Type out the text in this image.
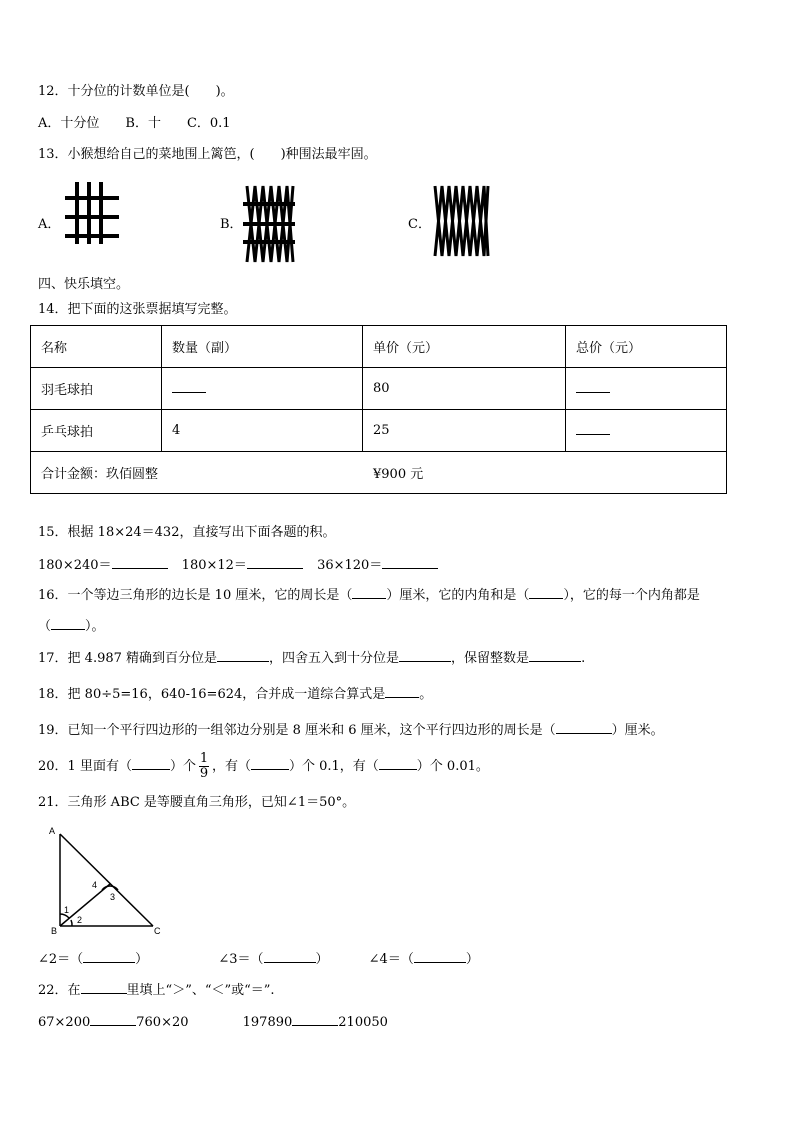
12．十分位的计数单位是(　　)。
A．十分位　　B．十　　C．0.1
13．小猴想给自己的菜地围上篱笆，(　　)种围法最牢固。
A．	B．	C．
四、快乐填空。
14．把下面的这张票据填写完整。
名称	数量（副）	单价（元）	总价（元）
羽毛球拍		80	
乒乓球拍	4	25	
合计金额：玖佰圆整 ¥900 元			
15．根据 18×24＝432，直接写出下面各题的积。
180×240＝	180×12＝	36×120＝
16．一个等边三角形的边长是 10 厘米，它的周长是（	）厘米，它的内角和是（	），它的每一个内角都是
（	）。
17．把 4.987 精确到百分位是	，四舍五入到十分位是	，保留整数是	.
18．把 80÷5=16，640-16=624，合并成一道综合算式是	。
19．已知一个平行四边形的一组邻边分别是 8 厘米和 6 厘米，这个平行四边形的周长是（	）厘米。
20．1 里面有（	）个 $\frac{1}{9}$ ，有（	）个 0.1，有（	）个 0.01。
21．三角形 ABC 是等腰直角三角形，已知∠1＝50°。
A
B	C
1
2
3
4
∠2＝（	）	∠3＝（	）	∠4＝（	）
22．在	里填上“＞”、“＜”或“＝”.
67×200	760×20	197890	210050
